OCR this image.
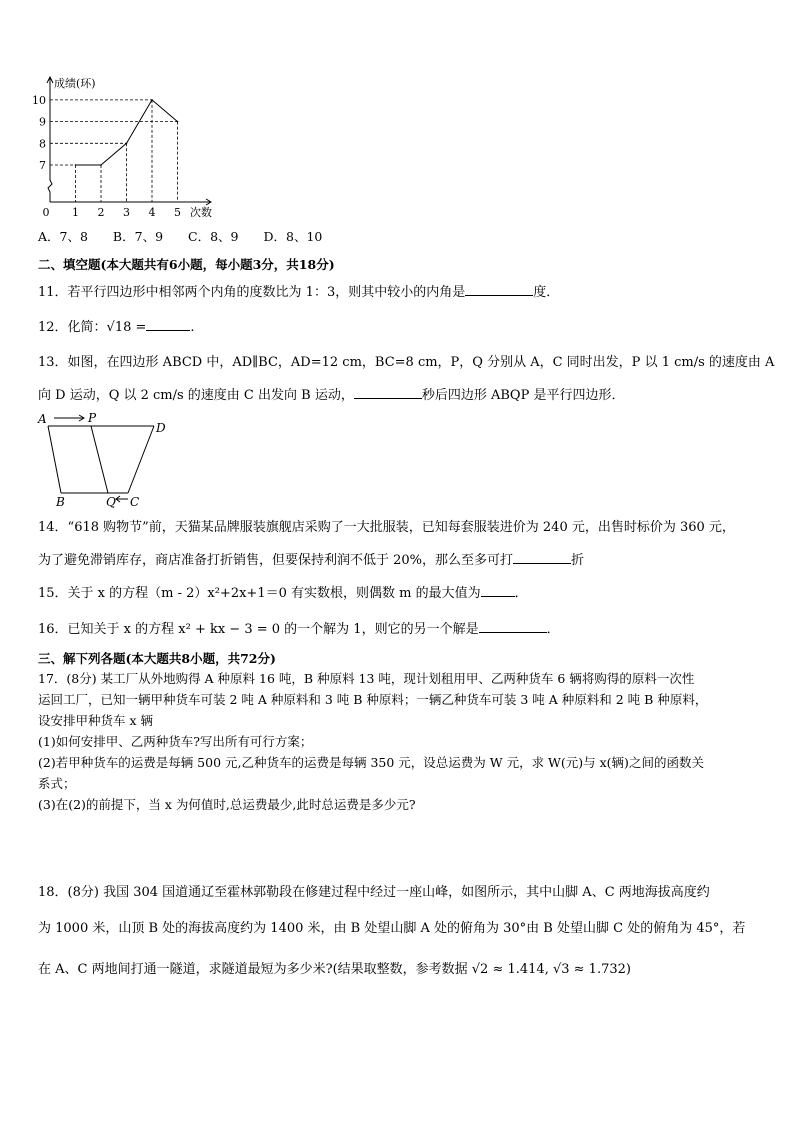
成绩(环)
次数
7
8
9
10
0 1 2 3 4 5
A．7、8　　B．7、9　　C．8、9　　D．8、10
二、填空题(本大题共有6小题，每小题3分，共18分)
11．若平行四边形中相邻两个内角的度数比为 1：3，则其中较小的内角是	度．
12．化简：√18 =	.
13．如图，在四边形 ABCD 中，AD∥BC，AD=12 cm，BC=8 cm，P，Q 分别从 A，C 同时出发，P 以 1 cm/s 的速度由 A
向 D 运动，Q 以 2 cm/s 的速度由 C 出发向 B 运动，	秒后四边形 ABQP 是平行四边形．
A	P
D
B	Q C
14．“618 购物节”前，天猫某品牌服装旗舰店采购了一大批服装，已知每套服装进价为 240 元，出售时标价为 360 元，
为了避免滞销库存，商店准备打折销售，但要保持利润不低于 20%，那么至多可打	折
15．关于 x 的方程（m - 2）x²+2x+1＝0 有实数根，则偶数 m 的最大值为	．
16．已知关于 x 的方程 x² + kx − 3 = 0 的一个解为 1，则它的另一个解是	．
三、解下列各题(本大题共8小题，共72分)
17．(8分) 某工厂从外地购得 A 种原料 16 吨，B 种原料 13 吨，现计划租用甲、乙两种货车 6 辆将购得的原料一次性
运回工厂，已知一辆甲种货车可装 2 吨 A 种原料和 3 吨 B 种原料；一辆乙种货车可装 3 吨 A 种原料和 2 吨 B 种原料，
设安排甲种货车 x 辆
(1)如何安排甲、乙两种货车?写出所有可行方案；
(2)若甲种货车的运费是每辆 500 元,乙种货车的运费是每辆 350 元，设总运费为 W 元，求 W(元)与 x(辆)之间的函数关
系式；
(3)在(2)的前提下，当 x 为何值时,总运费最少,此时总运费是多少元?
18．(8分) 我国 304 国道通辽至霍林郭勒段在修建过程中经过一座山峰，如图所示，其中山脚 A、C 两地海拔高度约
为 1000 米，山顶 B 处的海拔高度约为 1400 米，由 B 处望山脚 A 处的俯角为 30°由 B 处望山脚 C 处的俯角为 45°，若
在 A、C 两地间打通一隧道，求隧道最短为多少米?(结果取整数，参考数据 √2 ≈ 1.414, √3 ≈ 1.732)
